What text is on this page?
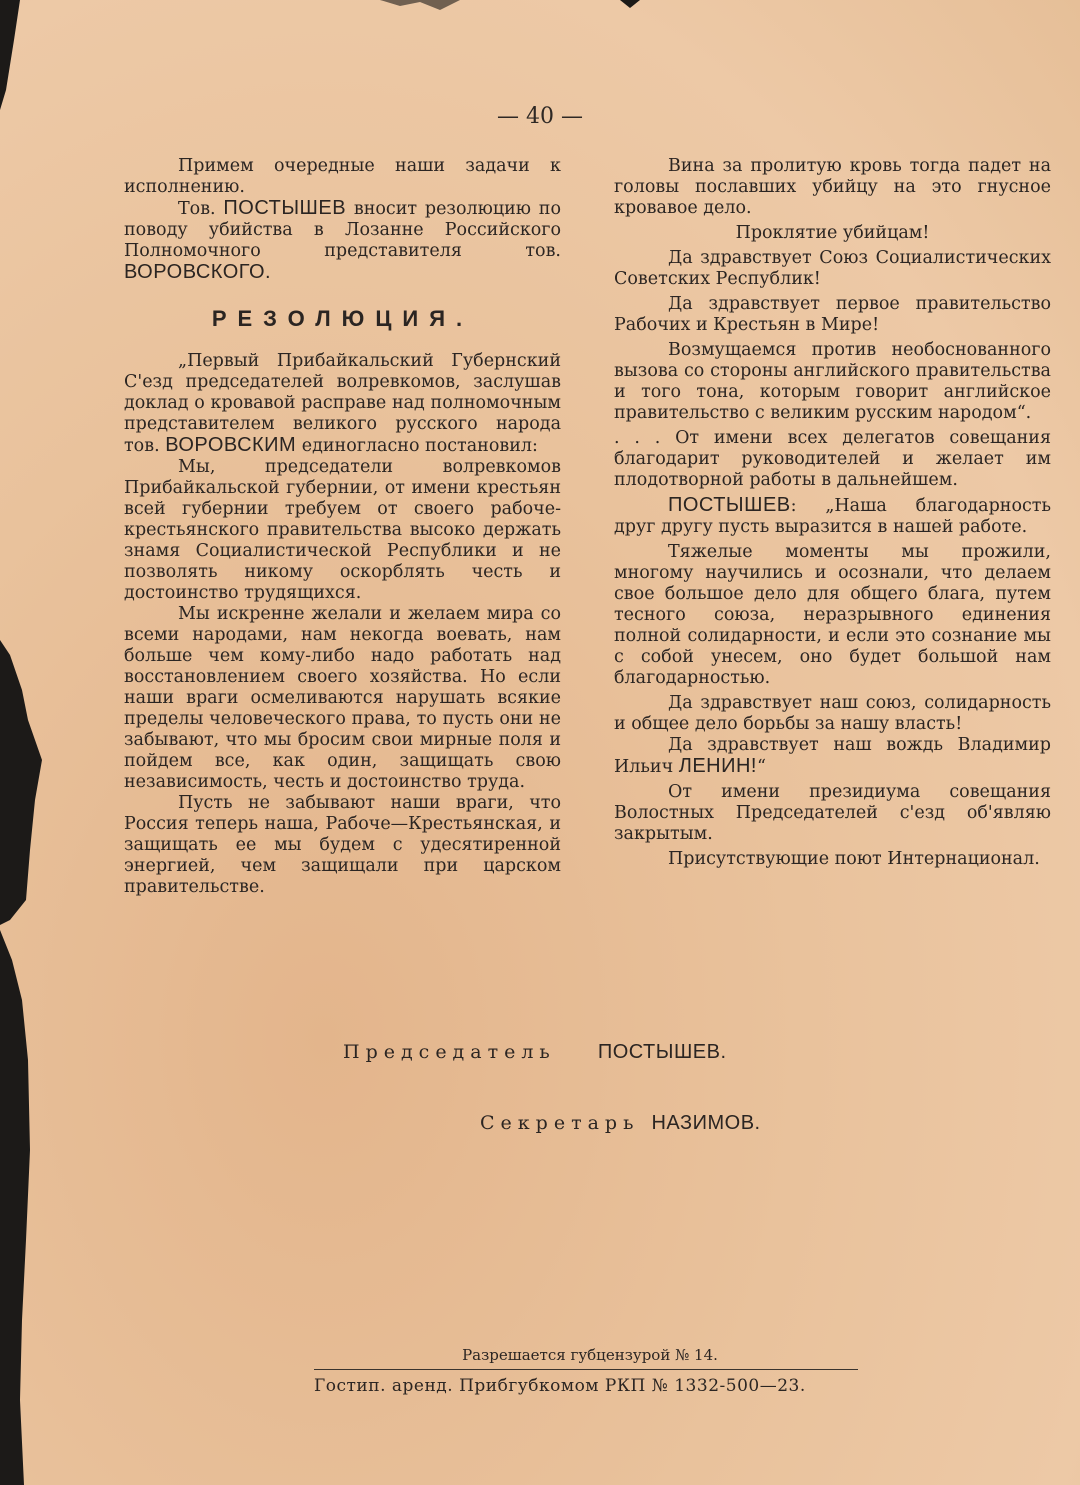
— 40 —

Примем очередные наши задачи к исполнению.

Тов. ПОСТЫШЕВ вносит резолюцию по поводу убийства в Лозанне Российского Полномочного представителя тов. ВОРОВСКОГО.

РЕЗОЛЮЦИЯ.

„Первый Прибайкальский Губернский С'езд председателей волревкомов, заслушав доклад о кровавой расправе над полномочным представителем великого русского народа тов. ВОРОВСКИМ единогласно постановил:

Мы, председатели волревкомов Прибайкальской губернии, от имени крестьян всей губернии требуем от своего рабоче-крестьянского правительства высоко держать знамя Социалистической Республики и не позволять никому оскорблять честь и достоинство трудящихся.

Мы искренне желали и желаем мира со всеми народами, нам некогда воевать, нам больше чем кому-либо надо работать над восстановлением своего хозяйства. Но если наши враги осмеливаются нарушать всякие пределы человеческого права, то пусть они не забывают, что мы бросим свои мирные поля и пойдем все, как один, защищать свою независимость, честь и достоинство труда.

Пусть не забывают наши враги, что Россия теперь наша, Рабоче—Крестьянская, и защищать ее мы будем с удесятиренной энергией, чем защищали при царском правительстве.

Вина за пролитую кровь тогда падет на головы пославших убийцу на это гнусное кровавое дело.

Проклятие убийцам!

Да здравствует Союз Социалистических Советских Республик!

Да здравствует первое правительство Рабочих и Крестьян в Мире!

Возмущаемся против необоснованного вызова со стороны английского правительства и того тона, которым говорит английское правительство с великим русским народом“.

. . . От имени всех делегатов совещания благодарит руководителей и желает им плодотворной работы в дальнейшем.

ПОСТЫШЕВ: „Наша благодарность друг другу пусть выразится в нашей работе.

Тяжелые моменты мы прожили, многому научились и осознали, что делаем свое большое дело для общего блага, путем тесного союза, неразрывного единения полной солидарности, и если это сознание мы с собой унесем, оно будет большой нам благодарностью.

Да здравствует наш союз, солидарность и общее дело борьбы за нашу власть!

Да здравствует наш вождь Владимир Ильич ЛЕНИН!“

От имени президиума совещания Волостных Председателей с'езд об'являю закрытым.

Присутствующие поют Интернационал.

Председатель ПОСТЫШЕВ.
Секретарь НАЗИМОВ.
Разрешается губцензурой № 14.
Гостип. аренд. Прибгубкомом РКП № 1332-500—23.
